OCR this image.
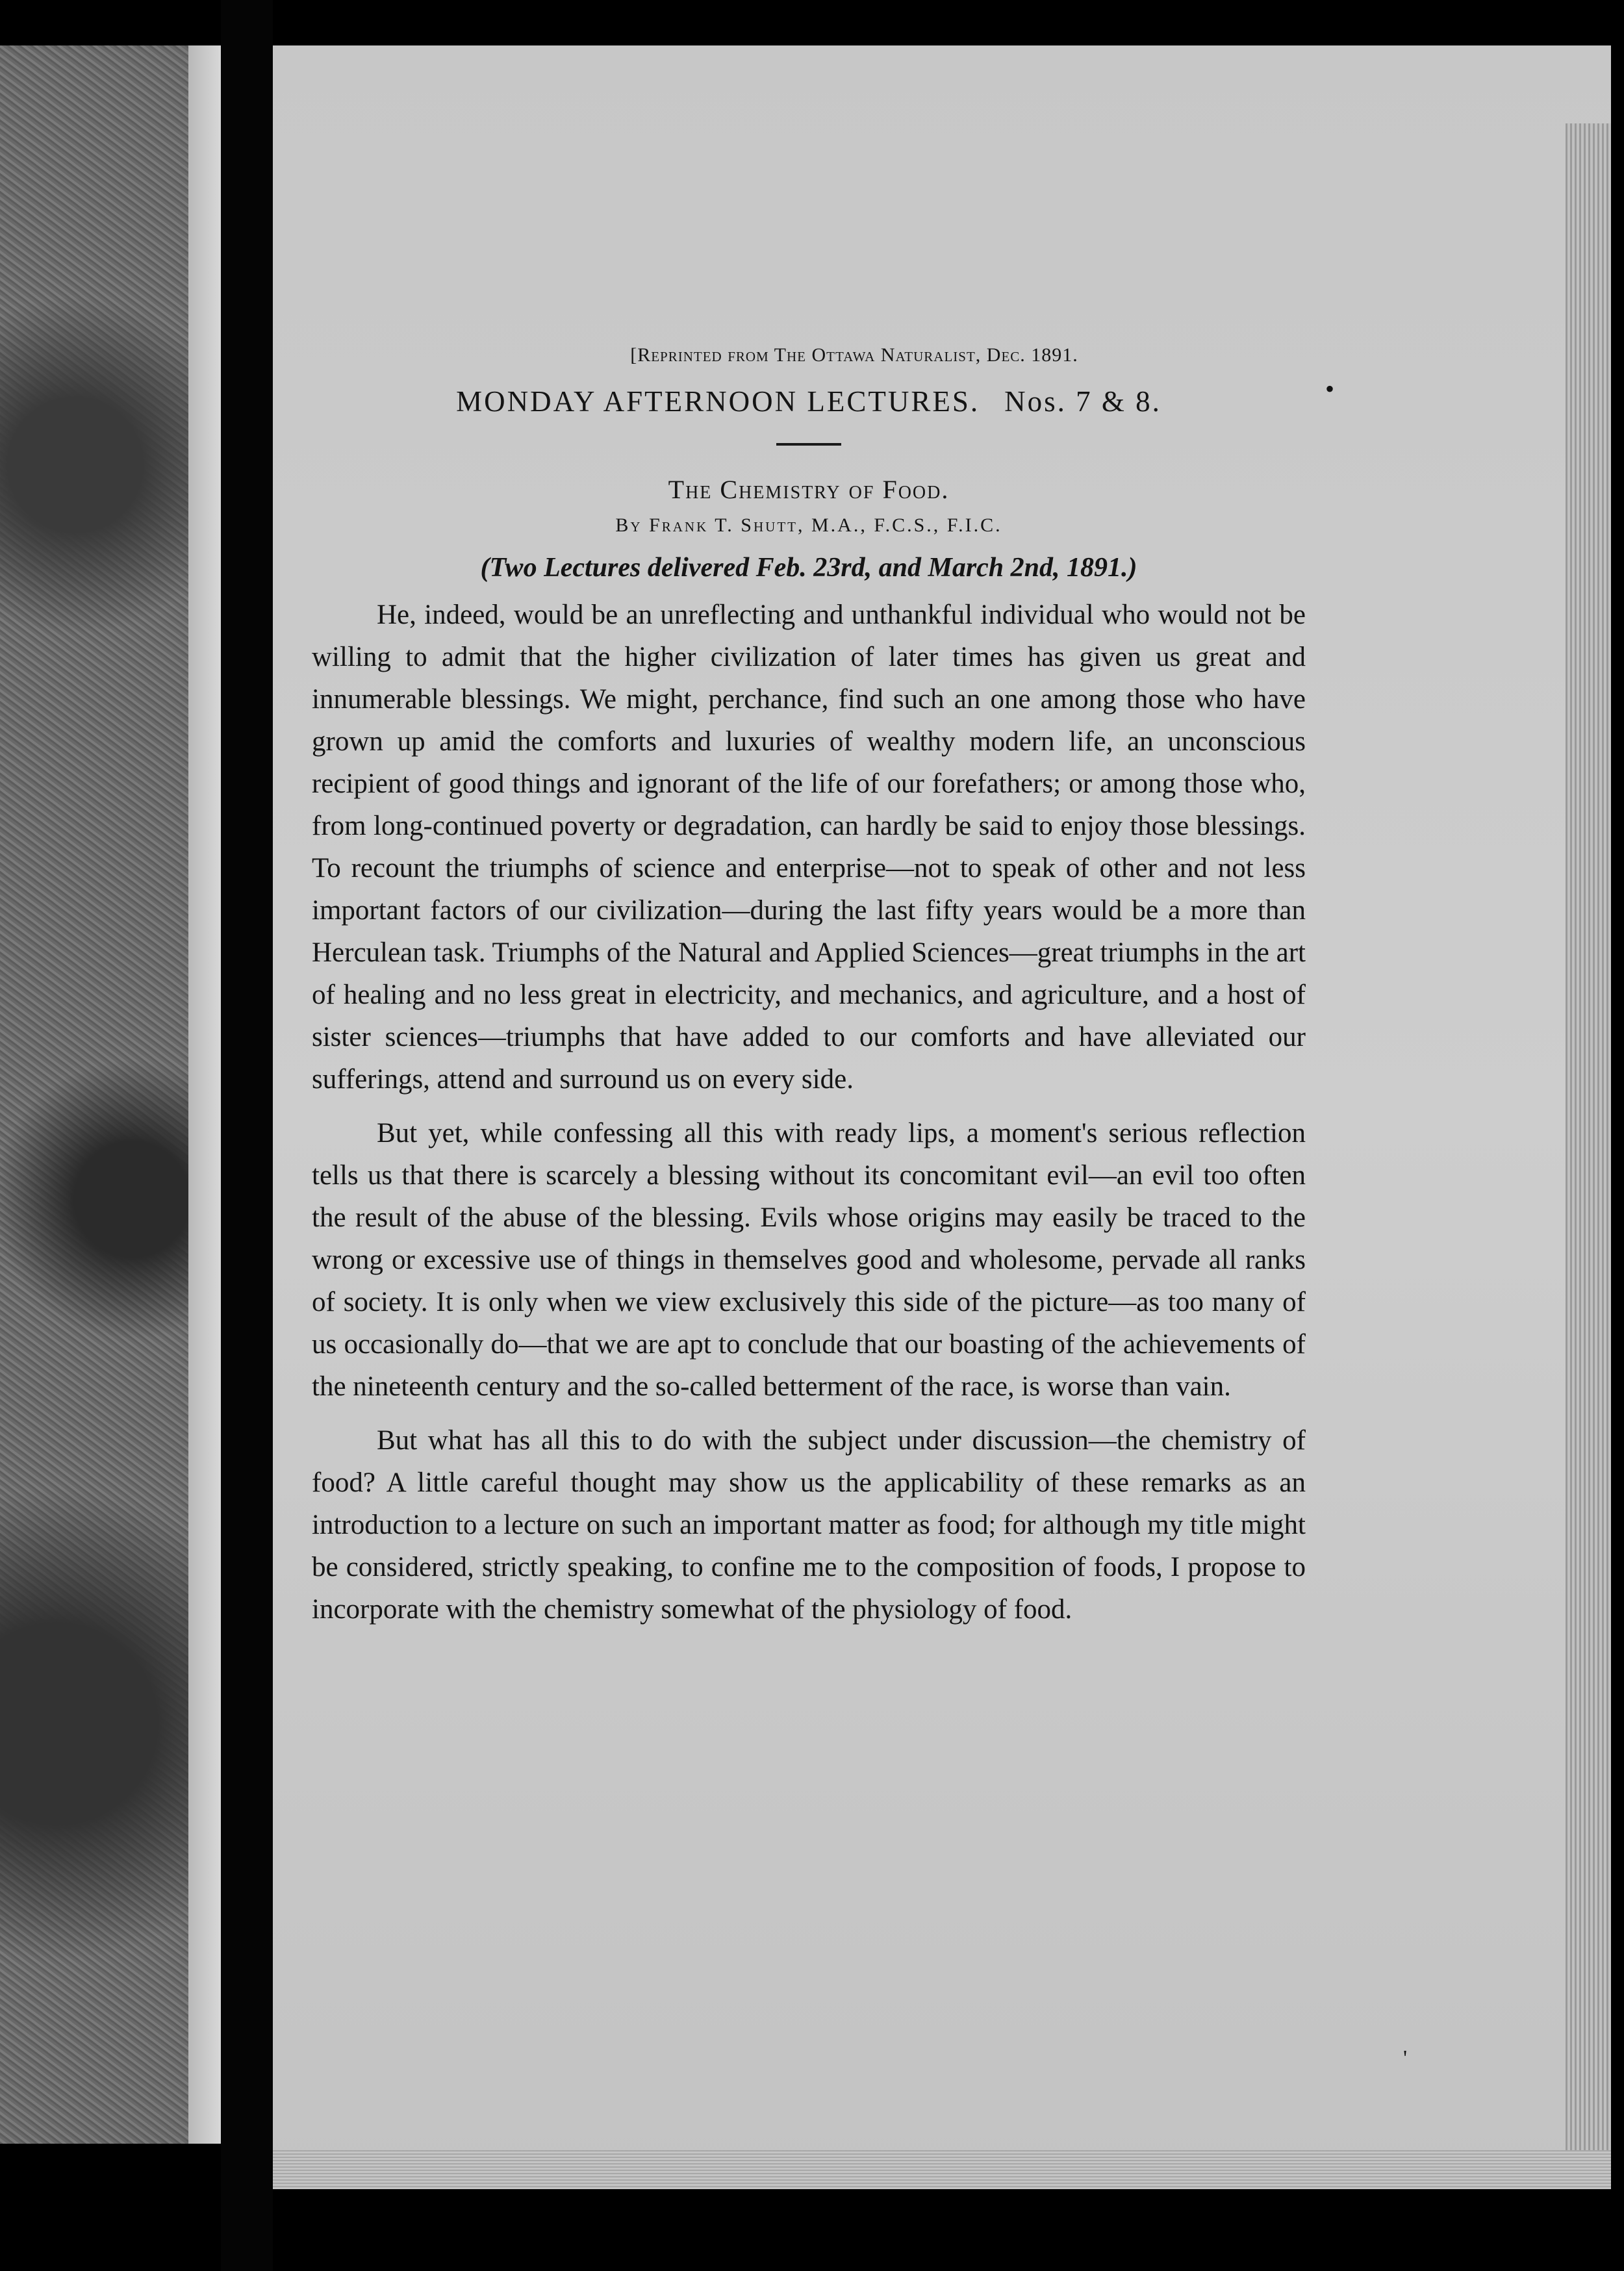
•
'
[Reprinted from The Ottawa Naturalist, Dec. 1891.
MONDAY AFTERNOON LECTURES. Nos. 7 & 8.
The Chemistry of Food.
By Frank T. Shutt, M.A., F.C.S., F.I.C.
(Two Lectures delivered Feb. 23rd, and March 2nd, 1891.)

He, indeed, would be an unreflecting and unthankful individual who would not be willing to admit that the higher civilization of later times has given us great and innumerable blessings. We might, perchance, find such an one among those who have grown up amid the comforts and luxuries of wealthy modern life, an unconscious recipient of good things and ignorant of the life of our forefathers; or among those who, from long-continued poverty or degradation, can hardly be said to enjoy those blessings. To recount the triumphs of science and enterprise—not to speak of other and not less important factors of our civilization—during the last fifty years would be a more than Herculean task. Triumphs of the Natural and Applied Sciences—great triumphs in the art of healing and no less great in electricity, and mechanics, and agriculture, and a host of sister sciences—triumphs that have added to our comforts and have alleviated our sufferings, attend and surround us on every side.

But yet, while confessing all this with ready lips, a moment's serious reflection tells us that there is scarcely a blessing without its concomitant evil—an evil too often the result of the abuse of the blessing. Evils whose origins may easily be traced to the wrong or excessive use of things in themselves good and wholesome, pervade all ranks of society. It is only when we view exclusively this side of the picture—as too many of us occasionally do—that we are apt to conclude that our boasting of the achievements of the nineteenth century and the so-called betterment of the race, is worse than vain.

But what has all this to do with the subject under discussion—the chemistry of food? A little careful thought may show us the applicability of these remarks as an introduction to a lecture on such an important matter as food; for although my title might be considered, strictly speaking, to confine me to the composition of foods, I propose to incorporate with the chemistry somewhat of the physiology of food.
